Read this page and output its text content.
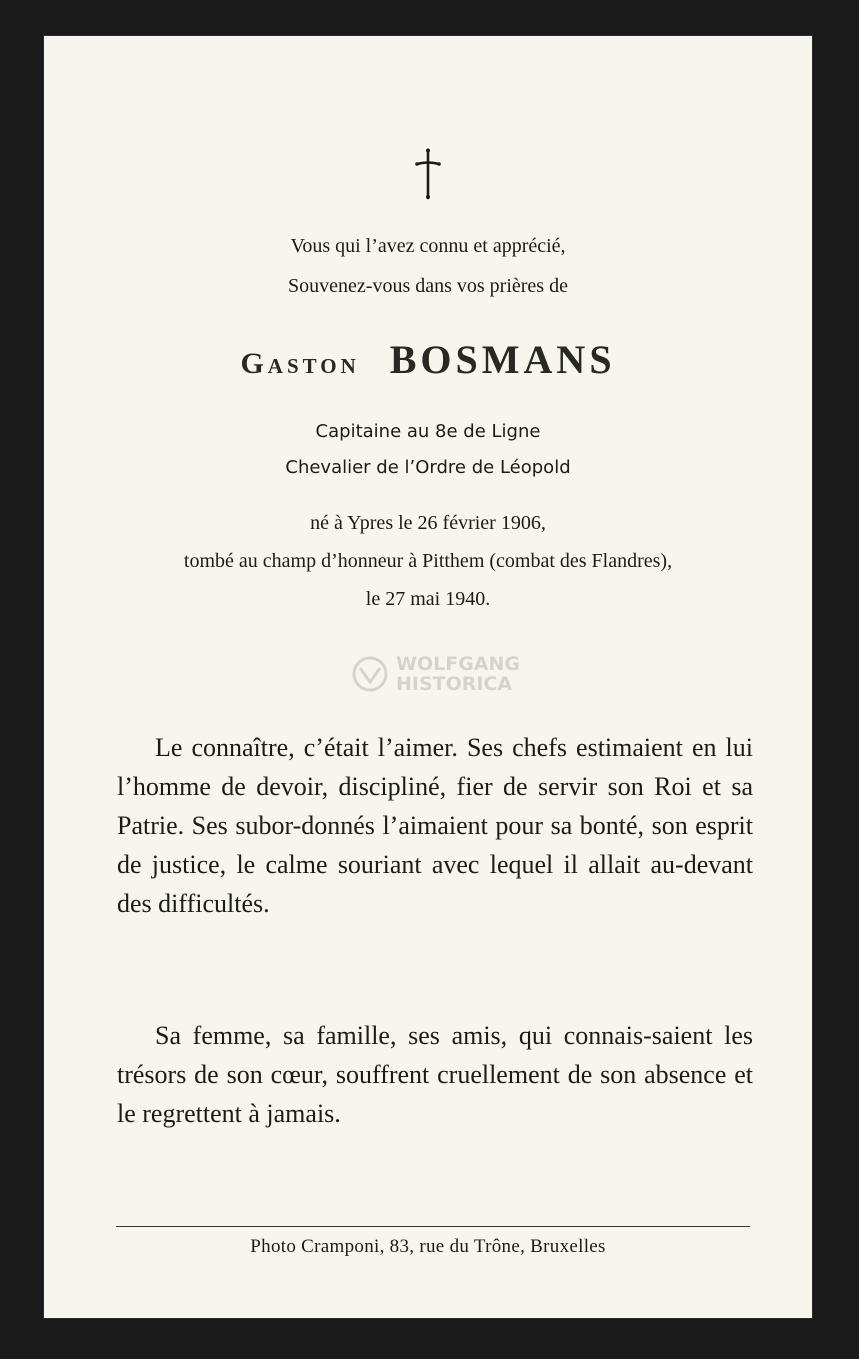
Vous qui l’avez connu et apprécié,
Souvenez-vous dans vos prières de
Gaston BOSMANS
Capitaine au 8e de Ligne
Chevalier de l’Ordre de Léopold
né à Ypres le 26 février 1906,
tombé au champ d’honneur à Pitthem (combat des Flandres),
le 27 mai 1940.
WOLFGANG
HISTORICA
Le connaître, c’était l’aimer. Ses chefs estimaient en lui l’homme de devoir, discipliné, fier de servir son Roi et sa Patrie. Ses subor-donnés l’aimaient pour sa bonté, son esprit de justice, le calme souriant avec lequel il allait au-devant des difficultés.
Sa femme, sa famille, ses amis, qui connais-saient les trésors de son cœur, souffrent cruellement de son absence et le regrettent à jamais.
Photo Cramponi, 83, rue du Trône, Bruxelles
